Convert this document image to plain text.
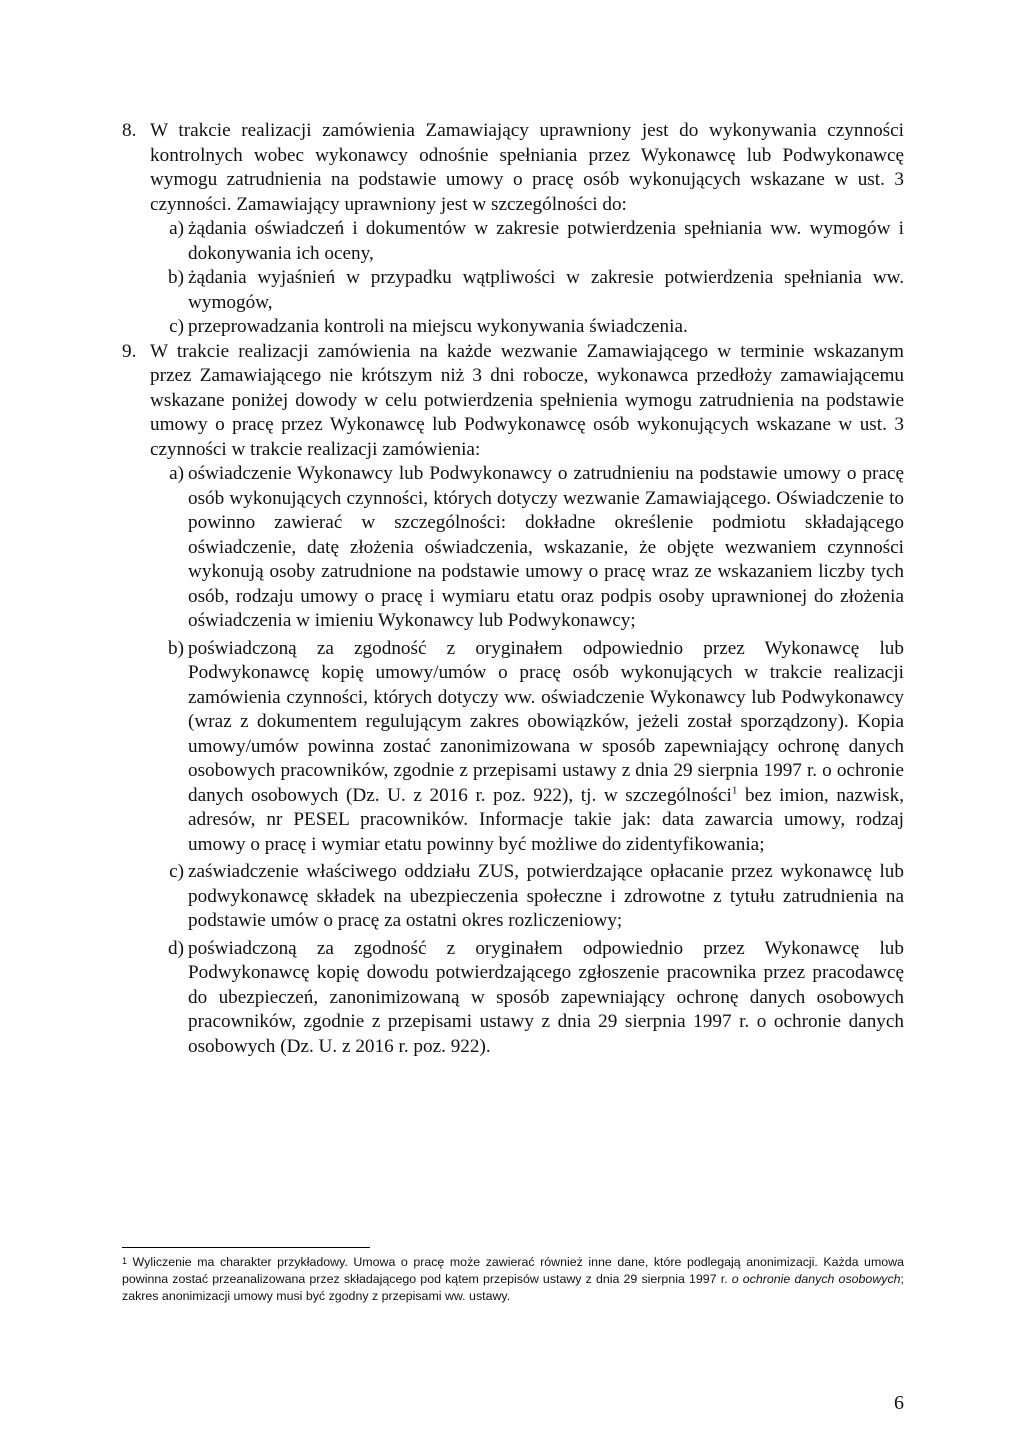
8. W trakcie realizacji zamówienia Zamawiający uprawniony jest do wykonywania czynności kontrolnych wobec wykonawcy odnośnie spełniania przez Wykonawcę lub Podwykonawcę wymogu zatrudnienia na podstawie umowy o pracę osób wykonujących wskazane w ust. 3 czynności. Zamawiający uprawniony jest w szczególności do:
a) żądania oświadczeń i dokumentów w zakresie potwierdzenia spełniania ww. wymogów i dokonywania ich oceny,
b) żądania wyjaśnień w przypadku wątpliwości w zakresie potwierdzenia spełniania ww. wymogów,
c) przeprowadzania kontroli na miejscu wykonywania świadczenia.
9. W trakcie realizacji zamówienia na każde wezwanie Zamawiającego w terminie wskazanym przez Zamawiającego nie krótszym niż 3 dni robocze, wykonawca przedłoży zamawiającemu wskazane poniżej dowody w celu potwierdzenia spełnienia wymogu zatrudnienia na podstawie umowy o pracę przez Wykonawcę lub Podwykonawcę osób wykonujących wskazane w ust. 3 czynności w trakcie realizacji zamówienia:
a) oświadczenie Wykonawcy lub Podwykonawcy o zatrudnieniu na podstawie umowy o pracę osób wykonujących czynności, których dotyczy wezwanie Zamawiającego. Oświadczenie to powinno zawierać w szczególności: dokładne określenie podmiotu składającego oświadczenie, datę złożenia oświadczenia, wskazanie, że objęte wezwaniem czynności wykonują osoby zatrudnione na podstawie umowy o pracę wraz ze wskazaniem liczby tych osób, rodzaju umowy o pracę i wymiaru etatu oraz podpis osoby uprawnionej do złożenia oświadczenia w imieniu Wykonawcy lub Podwykonawcy;
b) poświadczoną za zgodność z oryginałem odpowiednio przez Wykonawcę lub Podwykonawcę kopię umowy/umów o pracę osób wykonujących w trakcie realizacji zamówienia czynności, których dotyczy ww. oświadczenie Wykonawcy lub Podwykonawcy (wraz z dokumentem regulującym zakres obowiązków, jeżeli został sporządzony). Kopia umowy/umów powinna zostać zanonimizowana w sposób zapewniający ochronę danych osobowych pracowników, zgodnie z przepisami ustawy z dnia 29 sierpnia 1997 r. o ochronie danych osobowych (Dz. U. z 2016 r. poz. 922), tj. w szczególności$^1$ bez imion, nazwisk, adresów, nr PESEL pracowników. Informacje takie jak: data zawarcia umowy, rodzaj umowy o pracę i wymiar etatu powinny być możliwe do zidentyfikowania;
c) zaświadczenie właściwego oddziału ZUS, potwierdzające opłacanie przez wykonawcę lub podwykonawcę składek na ubezpieczenia społeczne i zdrowotne z tytułu zatrudnienia na podstawie umów o pracę za ostatni okres rozliczeniowy;
d) poświadczoną za zgodność z oryginałem odpowiednio przez Wykonawcę lub Podwykonawcę kopię dowodu potwierdzającego zgłoszenie pracownika przez pracodawcę do ubezpieczeń, zanonimizowaną w sposób zapewniający ochronę danych osobowych pracowników, zgodnie z przepisami ustawy z dnia 29 sierpnia 1997 r. o ochronie danych osobowych (Dz. U. z 2016 r. poz. 922).
$^1$ Wyliczenie ma charakter przykładowy. Umowa o pracę może zawierać również inne dane, które podlegają anonimizacji. Każda umowa powinna zostać przeanalizowana przez składającego pod kątem przepisów ustawy z dnia 29 sierpnia 1997 r. o ochronie danych osobowych; zakres anonimizacji umowy musi być zgodny z przepisami ww. ustawy.
6
